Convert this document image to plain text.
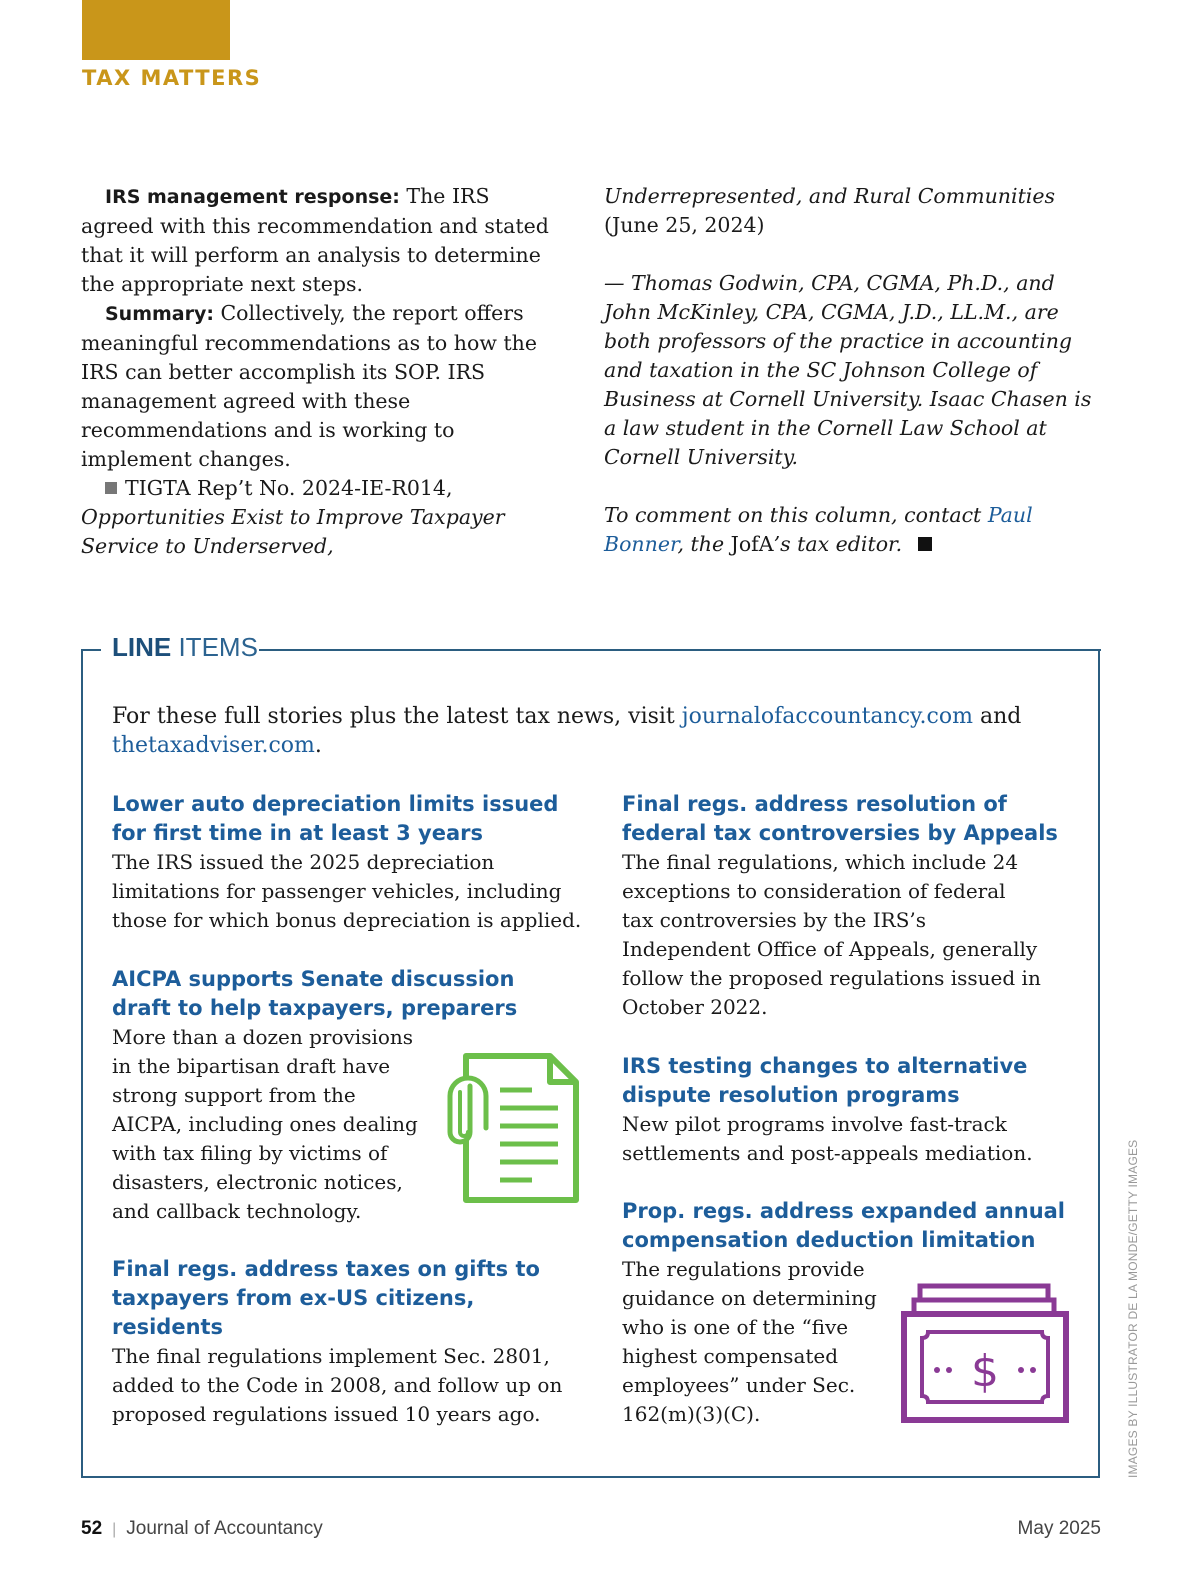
TAX MATTERS

IRS management response: The IRS agreed with this recommendation and stated that it will perform an analysis to determine the appropriate next steps.

Summary: Collectively, the report offers meaningful recommendations as to how the IRS can better accomplish its SOP. IRS management agreed with these recommendations and is working to implement changes.

TIGTA Rep’t No. 2024-IE-R014,
Opportunities Exist to Improve Taxpayer Service to Underserved,

Underrepresented, and Rural Communities (June 25, 2024)

— Thomas Godwin, CPA, CGMA, Ph.D., and John McKinley, CPA, CGMA, J.D., LL.M., are both professors of the practice in accounting and taxation in the SC Johnson College of Business at Cornell University. Isaac Chasen is a law student in the Cornell Law School at Cornell University.

To comment on this column, contact Paul Bonner, the JofA’s tax editor.

LINE ITEMS
For these full stories plus the latest tax news, visit journalofaccountancy.com and thetaxadviser.com.
Lower auto depreciation limits issued for first time in at least 3 years

The IRS issued the 2025 depreciation limitations for passenger vehicles, including those for which bonus depreciation is applied.

AICPA supports Senate discussion draft to help taxpayers, preparers

More than a dozen provisions in the bipartisan draft have strong support from the AICPA, including ones dealing with tax filing by victims of disasters, electronic notices, and callback technology.

Final regs. address taxes on gifts to taxpayers from ex-US citizens, residents

The final regulations implement Sec. 2801, added to the Code in 2008, and follow up on proposed regulations issued 10 years ago.

Final regs. address resolution of federal tax controversies by Appeals

The final regulations, which include 24 exceptions to consideration of federal tax controversies by the IRS’s Independent Office of Appeals, generally follow the proposed regulations issued in October 2022.

IRS testing changes to alternative dispute resolution programs

New pilot programs involve fast-track settlements and post-appeals mediation.

Prop. regs. address expanded annual compensation deduction limitation

The regulations provide guidance on determining who is one of the “five highest compensated employees” under Sec. 162(m)(3)(C).

$	IMAGES BY ILLUSTRATOR DE LA MONDE/GETTY IMAGES
52 | Journal of Accountancy	May 2025
